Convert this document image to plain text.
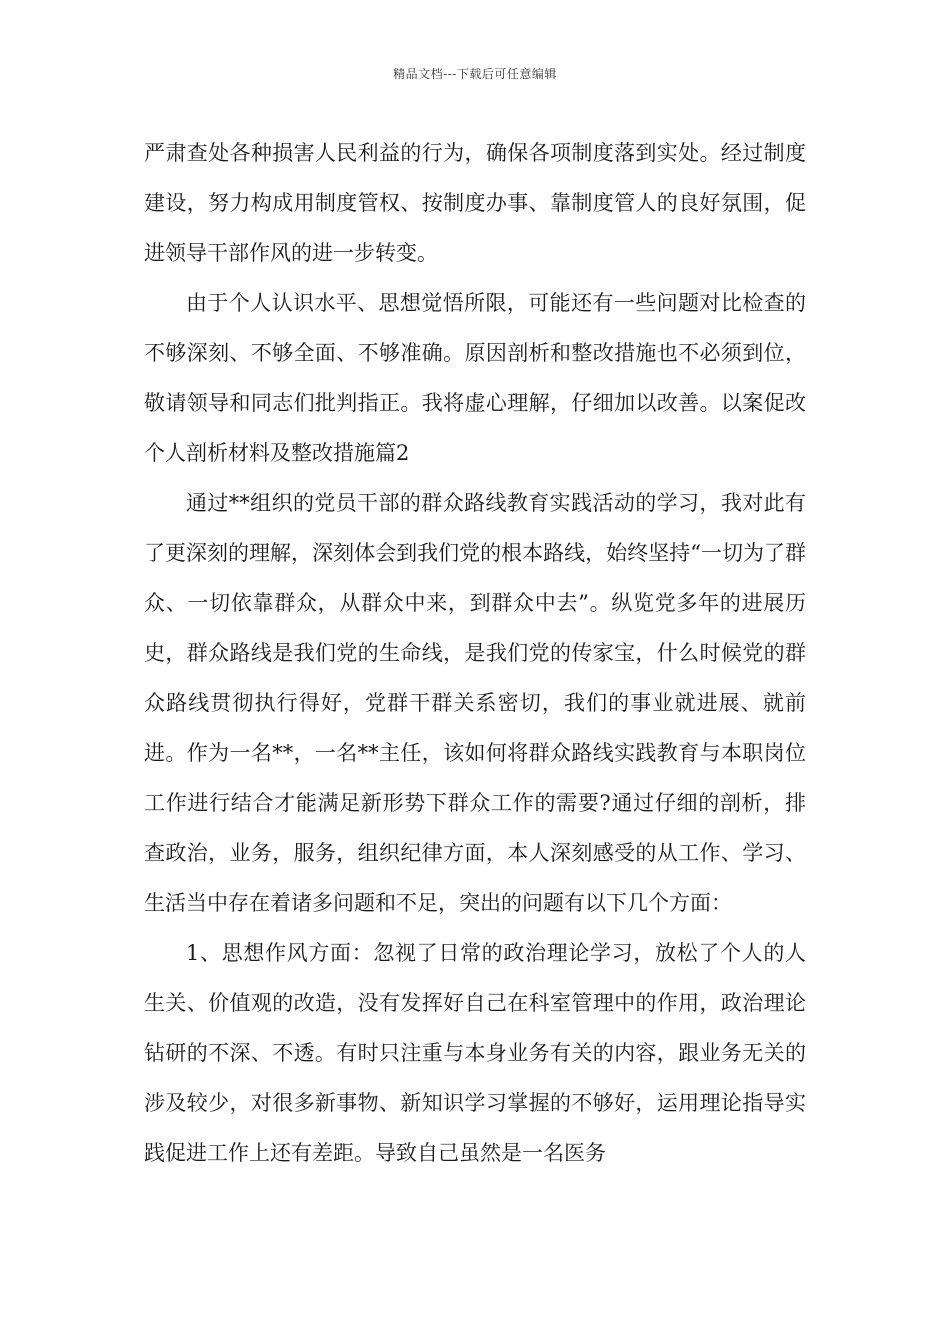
精品文档---下载后可任意编辑

严肃查处各种损害人民利益的行为，确保各项制度落到实处。经过制度建设，努力构成用制度管权、按制度办事、靠制度管人的良好氛围，促进领导干部作风的进一步转变。

由于个人认识水平、思想觉悟所限，可能还有一些问题对比检查的不够深刻、不够全面、不够准确。原因剖析和整改措施也不必须到位，敬请领导和同志们批判指正。我将虚心理解，仔细加以改善。以案促改个人剖析材料及整改措施篇2

通过**组织的党员干部的群众路线教育实践活动的学习，我对此有了更深刻的理解，深刻体会到我们党的根本路线，始终坚持“一切为了群众、一切依靠群众，从群众中来，到群众中去”。纵览党多年的进展历史，群众路线是我们党的生命线，是我们党的传家宝，什么时候党的群众路线贯彻执行得好，党群干群关系密切，我们的事业就进展、就前进。作为一名**，一名**主任，该如何将群众路线实践教育与本职岗位工作进行结合才能满足新形势下群众工作的需要?通过仔细的剖析，排查政治，业务，服务，组织纪律方面，本人深刻感受的从工作、学习、生活当中存在着诸多问题和不足，突出的问题有以下几个方面：

1、思想作风方面：忽视了日常的政治理论学习，放松了个人的人生关、价值观的改造，没有发挥好自己在科室管理中的作用，政治理论钻研的不深、不透。有时只注重与本身业务有关的内容，跟业务无关的涉及较少，对很多新事物、新知识学习掌握的不够好，运用理论指导实践促进工作上还有差距。导致自己虽然是一名医务
